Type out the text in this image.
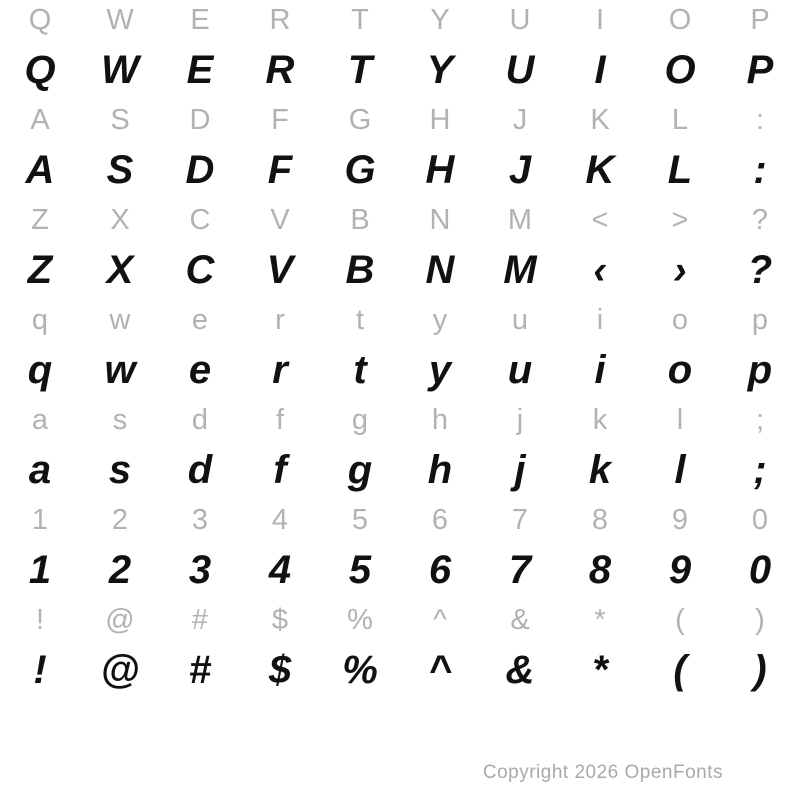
Q	W	E	R	T	Y	U	I	O	P
Q	W	E	R	T	Y	U	I	O	P
A	S	D	F	G	H	J	K	L	:
A	S	D	F	G	H	J	K	L	:
Z	X	C	V	B	N	M	<	>	?
Z	X	C	V	B	N	M	‹	›	?
q	w	e	r	t	y	u	i	o	p
q	w	e	r	t	y	u	i	o	p
a	s	d	f	g	h	j	k	l	;
a	s	d	f	g	h	j	k	l	;
1	2	3	4	5	6	7	8	9	0
1	2	3	4	5	6	7	8	9	0
!	@	#	$	%	^	&	*	(	)
!	@	#	$	%	^	&	*	(	)
Copyright 2026 OpenFonts
